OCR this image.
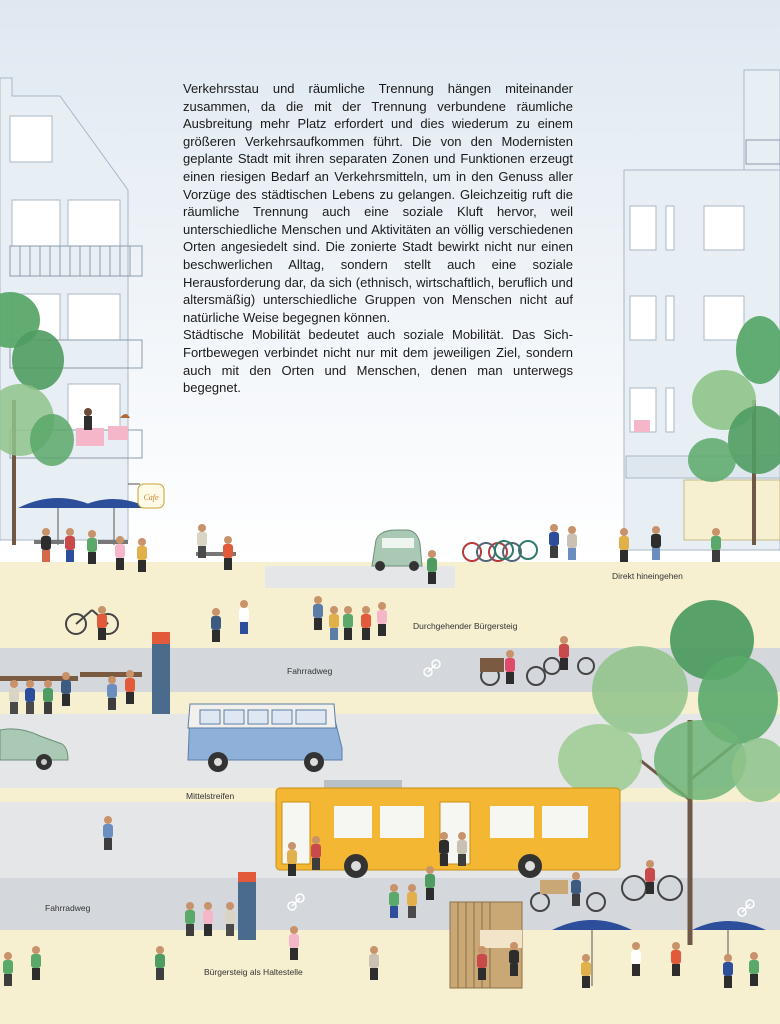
Cafe

Verkehrsstau und räumliche Trennung hängen miteinander zusammen, da die mit der Trennung verbundene räumliche Ausbreitung mehr Platz erfordert und dies wiederum zu einem größeren Verkehrsaufkommen führt. Die von den Modernisten geplante Stadt mit ihren separaten Zonen und Funktionen erzeugt einen riesigen Bedarf an Verkehrsmitteln, um in den Genuss aller Vorzüge des städtischen Lebens zu gelangen. Gleichzeitig ruft die räumliche Trennung auch eine soziale Kluft hervor, weil unterschiedliche Menschen und Aktivitäten an völlig verschiedenen Orten angesiedelt sind. Die zonierte Stadt bewirkt nicht nur einen beschwerlichen Alltag, sondern stellt auch eine soziale Herausforderung dar, da sich (ethnisch, wirtschaftlich, beruflich und altersmäßig) unterschiedliche Gruppen von Menschen nicht auf natürliche Weise begegnen können.

Städtische Mobilität bedeutet auch soziale Mobilität. Das Sich-Fortbewegen verbindet nicht nur mit dem jeweiligen Ziel, sondern auch mit den Orten und Menschen, denen man unterwegs begegnet.

Direkt hineingehen
Durchgehender Bürgersteig
Fahrradweg
Mittelstreifen
Fahrradweg
Bürgersteig als Haltestelle
